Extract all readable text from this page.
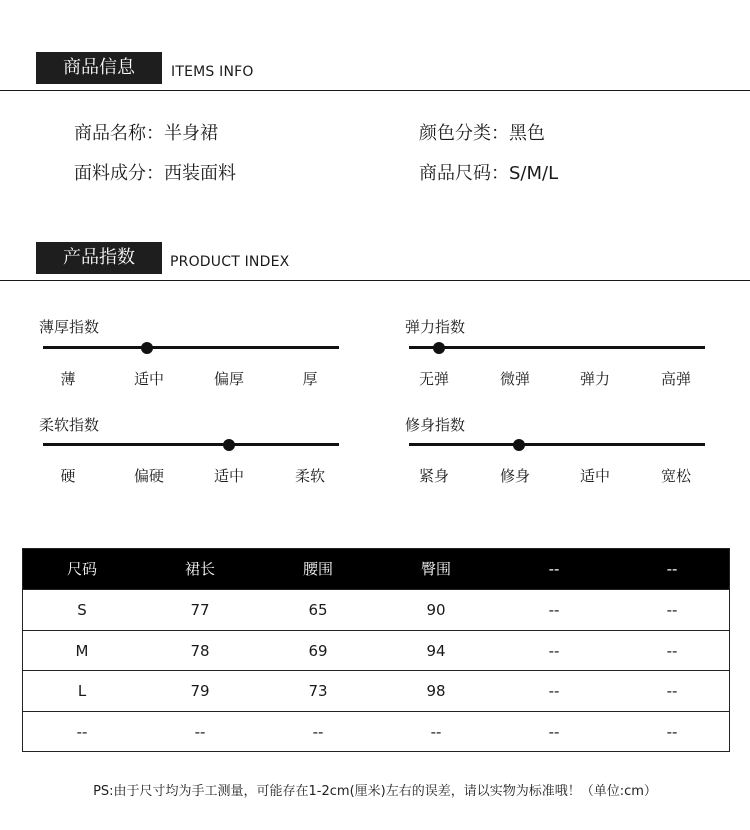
商品信息	ITEMS INFO
商品名称：半身裙	颜色分类：黑色
面料成分：西装面料	商品尺码：S/M/L
产品指数	PRODUCT INDEX
薄厚指数
薄	适中	偏厚	厚
弹力指数
无弹	微弹	弹力	高弹
柔软指数
硬	偏硬	适中	柔软
修身指数
紧身	修身	适中	宽松
尺码	裙长	腰围	臀围	--	--
S	77	65	90	--	--
M	78	69	94	--	--
L	79	73	98	--	--
--	--	--	--	--	--
PS:由于尺寸均为手工测量，可能存在1-2cm(厘米)左右的误差，请以实物为标准哦！（单位:cm）
